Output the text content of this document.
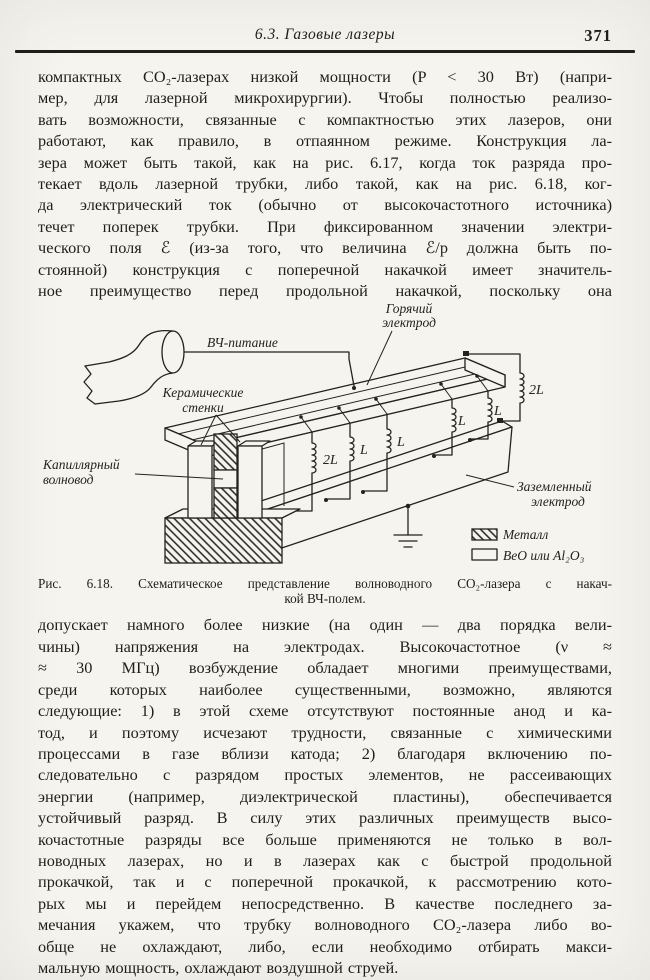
6.3. Газовые лазеры	371
компактных CO₂-лазерах низкой мощности (P < 30 Вт) (напри-
мер, для лазерной микрохирургии). Чтобы полностью реализо-
вать возможности, связанные с компактностью этих лазеров, они
работают, как правило, в отпаянном режиме. Конструкция ла-
зера может быть такой, как на рис. 6.17, когда ток разряда про-
текает вдоль лазерной трубки, либо такой, как на рис. 6.18, ког-
да электрический ток (обычно от высокочастотного источника)
течет поперек трубки. При фиксированном значении электри-
ческого поля ℰ (из-за того, что величина ℰ/p должна быть по-
стоянной) конструкция с поперечной накачкой имеет значитель-
ное преимущество перед продольной накачкой, поскольку она
ВЧ-питание
Горячий
электрод
Керамические
стенки
Капиллярный
волновод	Заземленный
электрод
2L
L
L
L
L
2L
Металл
BeO или Al₂O₃
Рис. 6.18. Схематическое представление волноводного CO₂-лазера с накач-
кой ВЧ-полем.
допускает намного более низкие (на один — два порядка вели-
чины) напряжения на электродах. Высокочастотное (ν ≈
≈ 30 МГц) возбуждение обладает многими преимуществами,
среди которых наиболее существенными, возможно, являются
следующие: 1) в этой схеме отсутствуют постоянные анод и ка-
тод, и поэтому исчезают трудности, связанные с химическими
процессами в газе вблизи катода; 2) благодаря включению по-
следовательно с разрядом простых элементов, не рассеивающих
энергии (например, диэлектрической пластины), обеспечивается
устойчивый разряд. В силу этих различных преимуществ высо-
кочастотные разряды все больше применяются не только в вол-
новодных лазерах, но и в лазерах как с быстрой продольной
прокачкой, так и с поперечной прокачкой, к рассмотрению кото-
рых мы и перейдем непосредственно. В качестве последнего за-
мечания укажем, что трубку волноводного CO₂-лазера либо во-
обще не охлаждают, либо, если необходимо отбирать макси-
мальную мощность, охлаждают воздушной струей.
